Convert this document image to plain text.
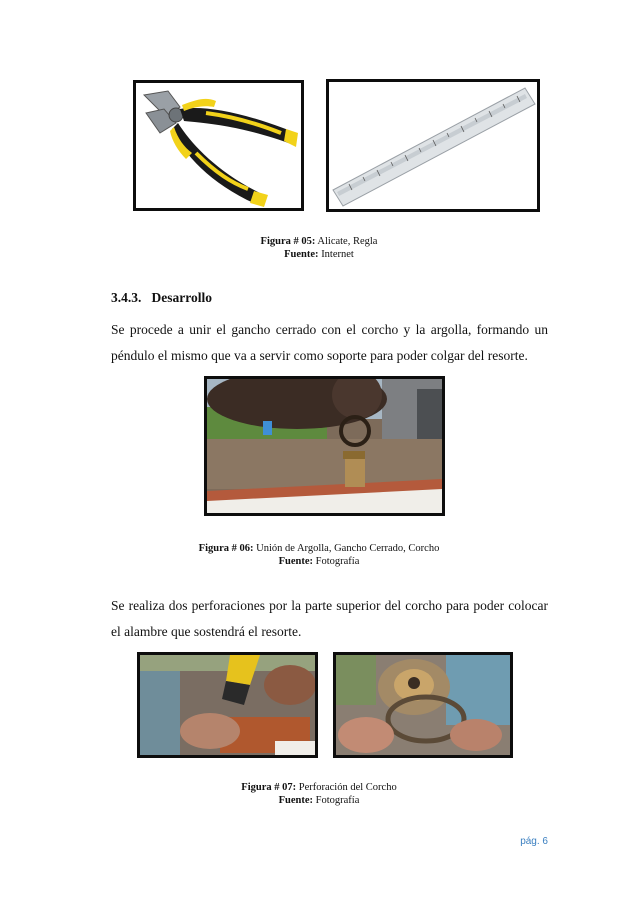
Figura # 05: Alicate, Regla
Fuente: Internet
3.4.3. Desarrollo
Se procede a unir el gancho cerrado con el corcho y la argolla, formando un péndulo el mismo que va a servir como soporte para poder colgar del resorte.
Figura # 06: Unión de Argolla, Gancho Cerrado, Corcho
Fuente: Fotografía
Se realiza dos perforaciones por la parte superior del corcho para poder colocar el alambre que sostendrá el resorte.
Figura # 07: Perforación del Corcho
Fuente: Fotografía
pág. 6
